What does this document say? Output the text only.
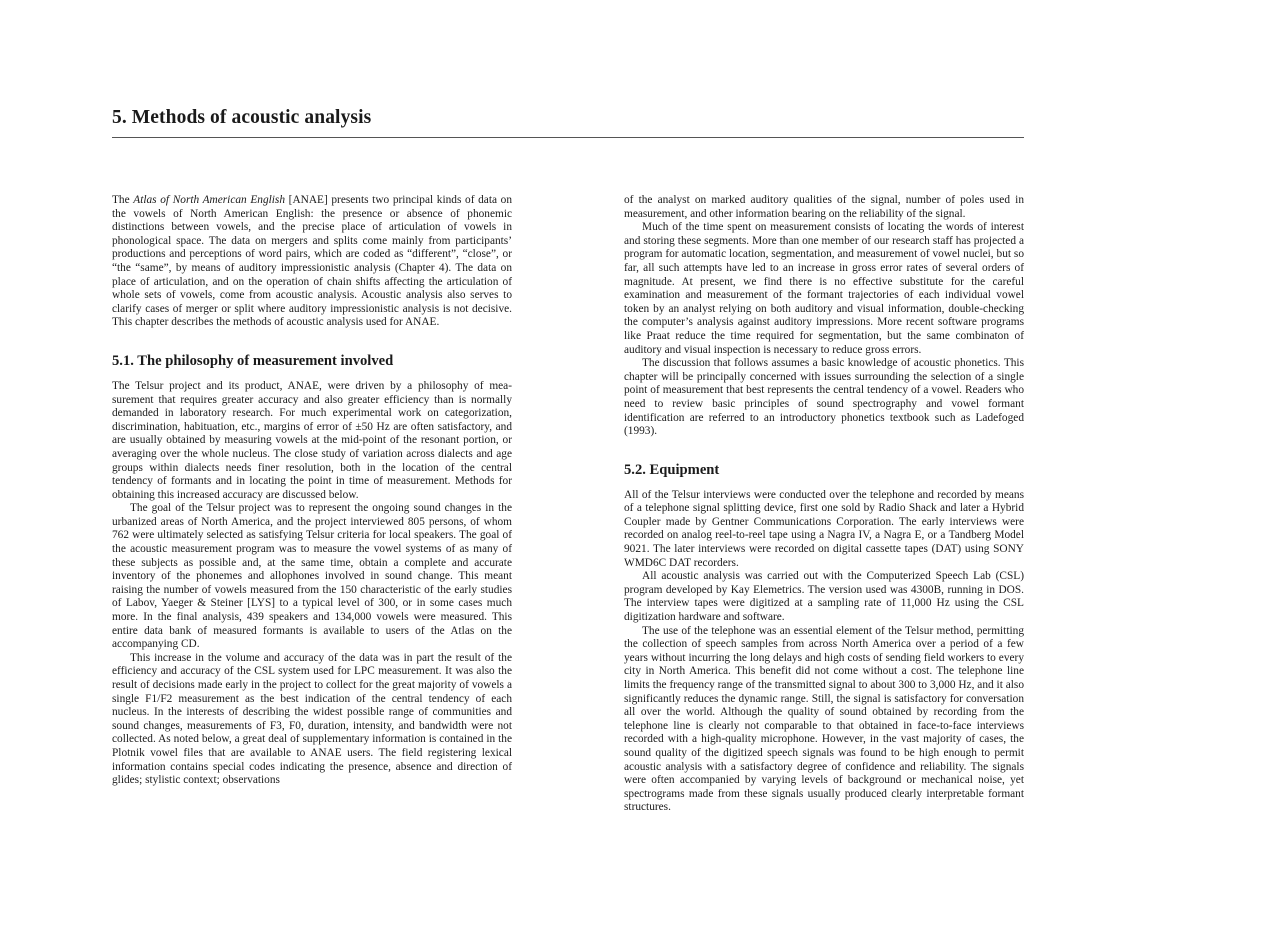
5. Methods of acoustic analysis

The Atlas of North American English [ANAE] presents two principal kinds of data on the vowels of North American English: the presence or absence of phonemic distinctions between vowels, and the precise place of articulation of vowels in phonological space. The data on mergers and splits come mainly from participants’ productions and perceptions of word pairs, which are coded as “different”, “close”, or “the “same”, by means of auditory impressionistic analysis (Chapter 4). The data on place of articulation, and on the operation of chain shifts affecting the articulation of whole sets of vowels, come from acoustic analysis. Acoustic analysis also serves to clarify cases of merger or split where auditory impressionistic analysis is not decisive. This chapter describes the methods of acoustic analysis used for ANAE.

5.1. The philosophy of measurement involved

The Telsur project and its product, ANAE, were driven by a philosophy of measurement that requires greater accuracy and also greater efficiency than is normally demanded in laboratory research. For much experimental work on categorization, discrimination, habituation, etc., margins of error of ±50 Hz are often satisfactory, and are usually obtained by measuring vowels at the mid-point of the resonant portion, or averaging over the whole nucleus. The close study of variation across dialects and age groups within dialects needs finer resolution, both in the location of the central tendency of formants and in locating the point in time of measurement. Methods for obtaining this increased accuracy are discussed below.

The goal of the Telsur project was to represent the ongoing sound changes in the urbanized areas of North America, and the project interviewed 805 persons, of whom 762 were ultimately selected as satisfying Telsur criteria for local speakers. The goal of the acoustic measurement program was to measure the vowel systems of as many of these subjects as possible and, at the same time, obtain a complete and accurate inventory of the phonemes and allophones involved in sound change. This meant raising the number of vowels measured from the 150 characteristic of the early studies of Labov, Yaeger & Steiner [LYS] to a typical level of 300, or in some cases much more. In the final analysis, 439 speakers and 134,000 vowels were measured. This entire data bank of measured formants is available to users of the Atlas on the accompanying CD.

This increase in the volume and accuracy of the data was in part the result of the efficiency and accuracy of the CSL system used for LPC measurement. It was also the result of decisions made early in the project to collect for the great majority of vowels a single F1/F2 measurement as the best indication of the central tendency of each nucleus. In the interests of describing the widest possible range of communities and sound changes, measurements of F3, F0, duration, intensity, and bandwidth were not collected. As noted below, a great deal of supplementary information is contained in the Plotnik vowel files that are available to ANAE users. The field registering lexical information contains special codes indicating the presence, absence and direction of glides; stylistic context; observations

of the analyst on marked auditory qualities of the signal, number of poles used in measurement, and other information bearing on the reliability of the signal.

Much of the time spent on measurement consists of locating the words of interest and storing these segments. More than one member of our research staff has projected a program for automatic location, segmentation, and measurement of vowel nuclei, but so far, all such attempts have led to an increase in gross error rates of several orders of magnitude. At present, we find there is no effective substitute for the careful examination and measurement of the formant trajectories of each individual vowel token by an analyst relying on both auditory and visual information, double-checking the computer’s analysis against auditory impressions. More recent software programs like Praat reduce the time required for segmentation, but the same combinaton of auditory and visual inspection is necessary to reduce gross errors.

The discussion that follows assumes a basic knowledge of acoustic phonetics. This chapter will be principally concerned with issues surrounding the selection of a single point of measurement that best represents the central tendency of a vowel. Readers who need to review basic principles of sound spectrography and vowel formant identification are referred to an introductory phonetics textbook such as Ladefoged (1993).

5.2. Equipment

All of the Telsur interviews were conducted over the telephone and recorded by means of a telephone signal splitting device, first one sold by Radio Shack and later a Hybrid Coupler made by Gentner Communications Corporation. The early interviews were recorded on analog reel-to-reel tape using a Nagra IV, a Nagra E, or a Tandberg Model 9021. The later interviews were recorded on digital cassette tapes (DAT) using SONY WMD6C DAT recorders.

All acoustic analysis was carried out with the Computerized Speech Lab (CSL) program developed by Kay Elemetrics. The version used was 4300B, running in DOS. The interview tapes were digitized at a sampling rate of 11,000 Hz using the CSL digitization hardware and software.

The use of the telephone was an essential element of the Telsur method, permitting the collection of speech samples from across North America over a period of a few years without incurring the long delays and high costs of sending field workers to every city in North America. This benefit did not come without a cost. The telephone line limits the frequency range of the transmitted signal to about 300 to 3,000 Hz, and it also significantly reduces the dynamic range. Still, the signal is satisfactory for conversation all over the world. Although the quality of sound obtained by recording from the telephone line is clearly not comparable to that obtained in face-to-face interviews recorded with a high-quality microphone. However, in the vast majority of cases, the sound quality of the digitized speech signals was found to be high enough to permit acoustic analysis with a satisfactory degree of confidence and reliability. The signals were often accompanied by varying levels of background or mechanical noise, yet spectrograms made from these signals usually produced clearly interpretable formant structures.
